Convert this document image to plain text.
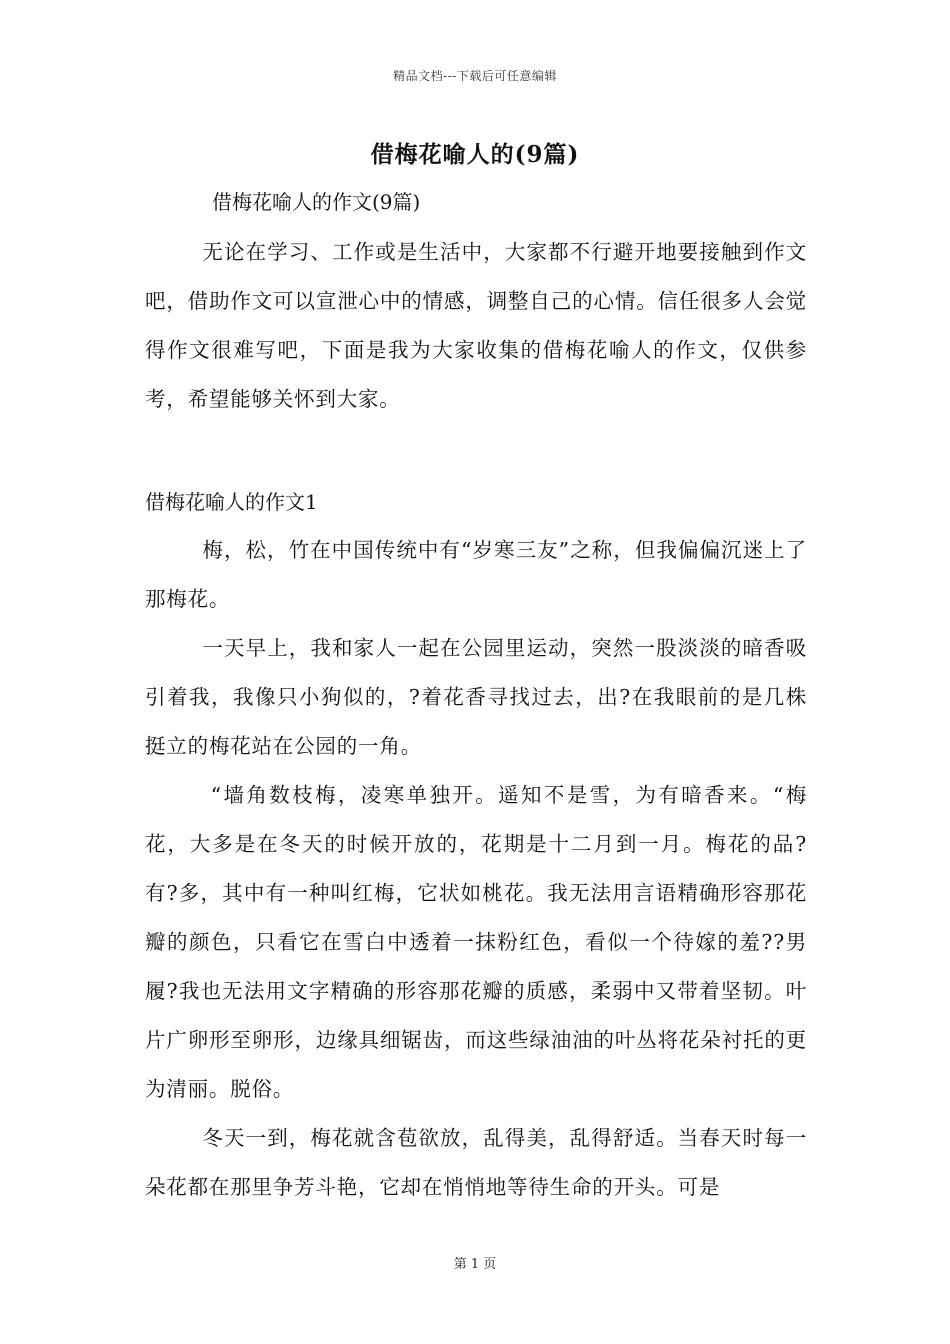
精品文档---下载后可任意编辑
借梅花喻人的(9篇)
借梅花喻人的作文(9篇)

无论在学习、工作或是生活中，大家都不行避开地要接触到作文吧，借助作文可以宣泄心中的情感，调整自己的心情。信任很多人会觉得作文很难写吧，下面是我为大家收集的借梅花喻人的作文，仅供参考，希望能够关怀到大家。

借梅花喻人的作文1

梅，松，竹在中国传统中有“岁寒三友”之称，但我偏偏沉迷上了那梅花。

一天早上，我和家人一起在公园里运动，突然一股淡淡的暗香吸引着我，我像只小狗似的，?着花香寻找过去，出?在我眼前的是几株挺立的梅花站在公园的一角。

“墙角数枝梅，凌寒单独开。遥知不是雪，为有暗香来。“梅花，大多是在冬天的时候开放的，花期是十二月到一月。梅花的品?有?多，其中有一种叫红梅，它状如桃花。我无法用言语精确形容那花瓣的颜色，只看它在雪白中透着一抹粉红色，看似一个待嫁的羞??男履?我也无法用文字精确的形容那花瓣的质感，柔弱中又带着坚韧。叶片广卵形至卵形，边缘具细锯齿，而这些绿油油的叶丛将花朵衬托的更为清丽。脱俗。

冬天一到，梅花就含苞欲放，乱得美，乱得舒适。当春天时每一朵花都在那里争芳斗艳，它却在悄悄地等待生命的开头。可是

第 1 页
